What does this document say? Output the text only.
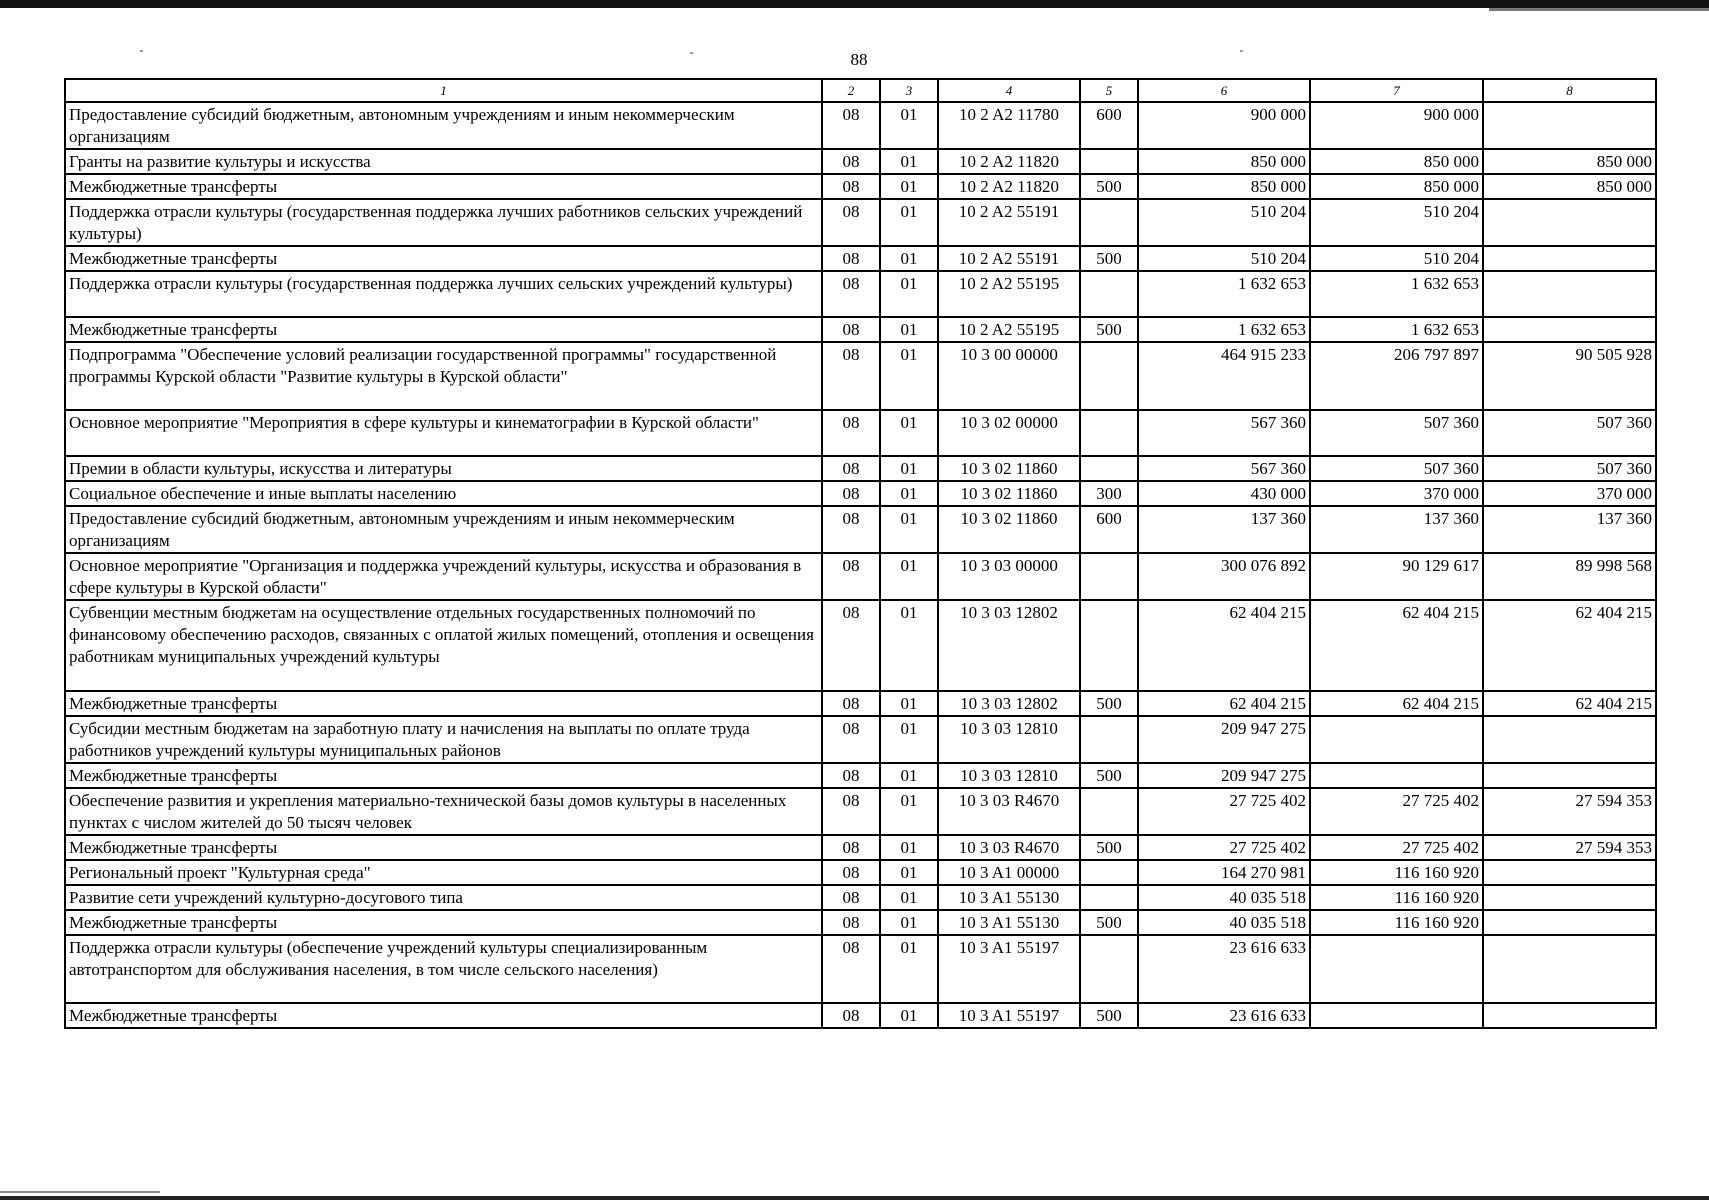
88
1	2	3	4	5	6	7	8
Предоставление субсидий бюджетным, автономным учреждениям и иным некоммерческим организациям	08	01	10 2 A2 11780	600	900 000	900 000	
Гранты на развитие культуры и искусства	08	01	10 2 A2 11820		850 000	850 000	850 000
Межбюджетные трансферты	08	01	10 2 A2 11820	500	850 000	850 000	850 000
Поддержка отрасли культуры (государственная поддержка лучших работников сельских учреждений культуры)	08	01	10 2 A2 55191		510 204	510 204	
Межбюджетные трансферты	08	01	10 2 A2 55191	500	510 204	510 204	
Поддержка отрасли культуры (государственная поддержка лучших сельских учреждений культуры)	08	01	10 2 A2 55195		1 632 653	1 632 653	
Межбюджетные трансферты	08	01	10 2 A2 55195	500	1 632 653	1 632 653	
Подпрограмма "Обеспечение условий реализации государственной программы" государственной программы Курской области "Развитие культуры в Курской области"	08	01	10 3 00 00000		464 915 233	206 797 897	90 505 928
Основное мероприятие "Мероприятия в сфере культуры и кинематографии в Курской области"	08	01	10 3 02 00000		567 360	507 360	507 360
Премии в области культуры, искусства и литературы	08	01	10 3 02 11860		567 360	507 360	507 360
Социальное обеспечение и иные выплаты населению	08	01	10 3 02 11860	300	430 000	370 000	370 000
Предоставление субсидий бюджетным, автономным учреждениям и иным некоммерческим организациям	08	01	10 3 02 11860	600	137 360	137 360	137 360
Основное мероприятие "Организация и поддержка учреждений культуры, искусства и образования в сфере культуры в Курской области"	08	01	10 3 03 00000		300 076 892	90 129 617	89 998 568
Субвенции местным бюджетам на осуществление отдельных государственных полномочий по финансовому обеспечению расходов, связанных с оплатой жилых помещений, отопления и освещения работникам муниципальных учреждений культуры	08	01	10 3 03 12802		62 404 215	62 404 215	62 404 215
Межбюджетные трансферты	08	01	10 3 03 12802	500	62 404 215	62 404 215	62 404 215
Субсидии местным бюджетам на заработную плату и начисления на выплаты по оплате труда работников учреждений культуры муниципальных районов	08	01	10 3 03 12810		209 947 275		
Межбюджетные трансферты	08	01	10 3 03 12810	500	209 947 275		
Обеспечение развития и укрепления материально-технической базы домов культуры в населенных пунктах с числом жителей до 50 тысяч человек	08	01	10 3 03 R4670		27 725 402	27 725 402	27 594 353
Межбюджетные трансферты	08	01	10 3 03 R4670	500	27 725 402	27 725 402	27 594 353
Региональный проект "Культурная среда"	08	01	10 3 A1 00000		164 270 981	116 160 920	
Развитие сети учреждений культурно-досугового типа	08	01	10 3 A1 55130		40 035 518	116 160 920	
Межбюджетные трансферты	08	01	10 3 A1 55130	500	40 035 518	116 160 920	
Поддержка отрасли культуры (обеспечение учреждений культуры специализированным автотранспортом для обслуживания населения, в том числе сельского населения)	08	01	10 3 A1 55197		23 616 633		
Межбюджетные трансферты	08	01	10 3 A1 55197	500	23 616 633		
